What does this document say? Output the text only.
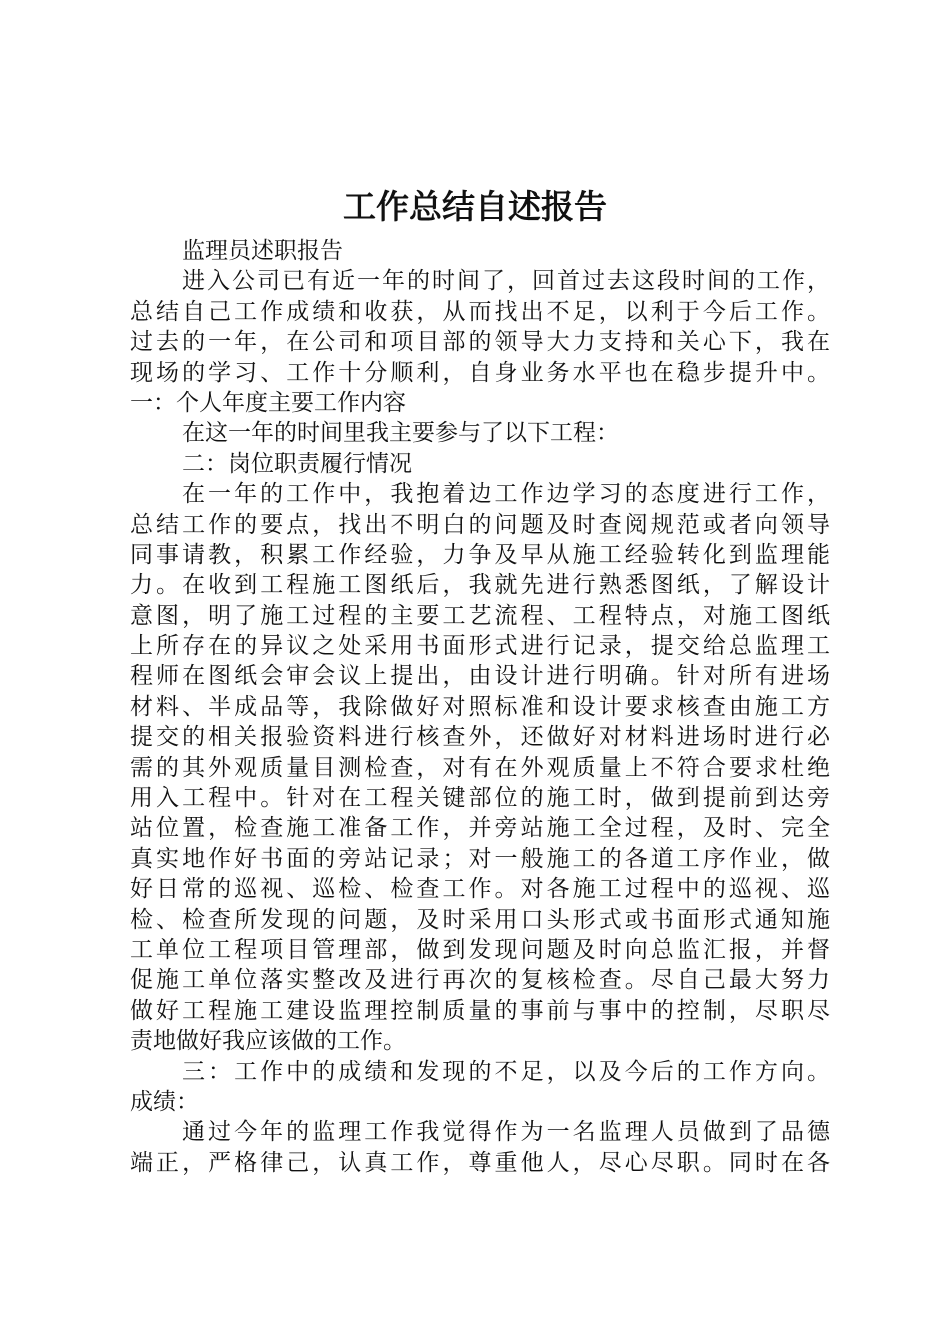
工作总结自述报告
监理员述职报告
进入公司已有近一年的时间了，回首过去这段时间的工作，
总结自己工作成绩和收获，从而找出不足，以利于今后工作。
过去的一年，在公司和项目部的领导大力支持和关心下，我在
现场的学习、工作十分顺利，自身业务水平也在稳步提升中。
一：个人年度主要工作内容
在这一年的时间里我主要参与了以下工程：
二：岗位职责履行情况
在一年的工作中，我抱着边工作边学习的态度进行工作，
总结工作的要点，找出不明白的问题及时查阅规范或者向领导
同事请教，积累工作经验，力争及早从施工经验转化到监理能
力。在收到工程施工图纸后，我就先进行熟悉图纸，了解设计
意图，明了施工过程的主要工艺流程、工程特点，对施工图纸
上所存在的异议之处采用书面形式进行记录，提交给总监理工
程师在图纸会审会议上提出，由设计进行明确。针对所有进场
材料、半成品等，我除做好对照标准和设计要求核查由施工方
提交的相关报验资料进行核查外，还做好对材料进场时进行必
需的其外观质量目测检查，对有在外观质量上不符合要求杜绝
用入工程中。针对在工程关键部位的施工时，做到提前到达旁
站位置，检查施工准备工作，并旁站施工全过程，及时、完全
真实地作好书面的旁站记录；对一般施工的各道工序作业，做
好日常的巡视、巡检、检查工作。对各施工过程中的巡视、巡
检、检查所发现的问题，及时采用口头形式或书面形式通知施
工单位工程项目管理部，做到发现问题及时向总监汇报，并督
促施工单位落实整改及进行再次的复核检查。尽自己最大努力
做好工程施工建设监理控制质量的事前与事中的控制，尽职尽
责地做好我应该做的工作。
三：工作中的成绩和发现的不足，以及今后的工作方向。
成绩：
通过今年的监理工作我觉得作为一名监理人员做到了品德
端正，严格律己，认真工作，尊重他人，尽心尽职。同时在各
